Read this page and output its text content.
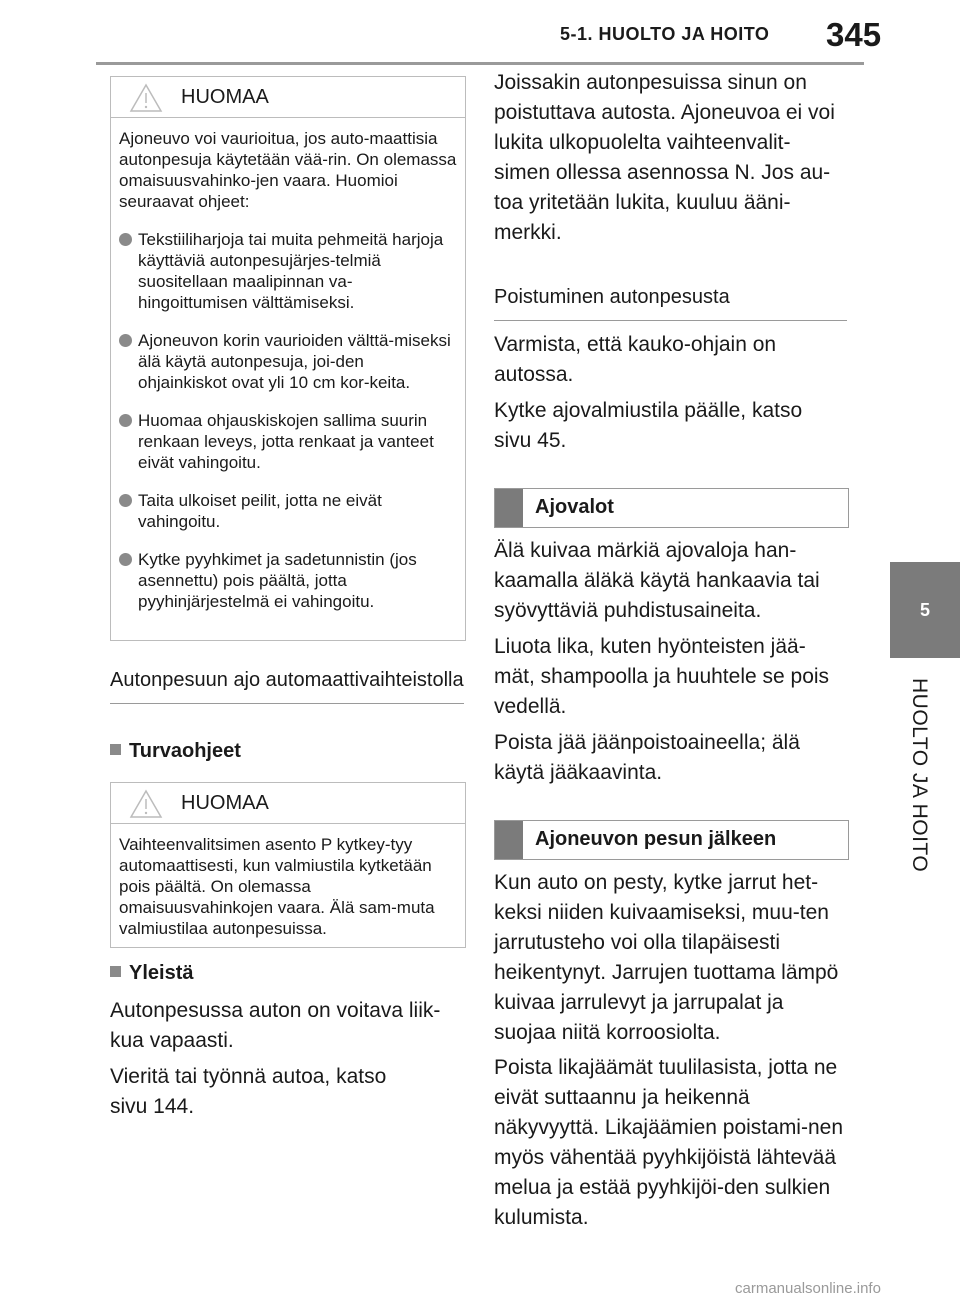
5-1. HUOLTO JA HOITO 345
5
HUOLTO JA HOITO
HUOMAA
Ajoneuvo voi vaurioitua, jos auto-maattisia autonpesuja käytetään vää-rin. On olemassa omaisuusvahinko-jen vaara. Huomioi seuraavat ohjeet:
Tekstiiliharjoja tai muita pehmeitä harjoja käyttäviä autonpesujärjes-telmiä suositellaan maalipinnan va-hingoittumisen välttämiseksi.
Ajoneuvon korin vaurioiden välttä-miseksi älä käytä autonpesuja, joi-den ohjainkiskot ovat yli 10 cm kor-keita.
Huomaa ohjauskiskojen sallima suurin renkaan leveys, jotta renkaat ja vanteet eivät vahingoitu.
Taita ulkoiset peilit, jotta ne eivät vahingoitu.
Kytke pyyhkimet ja sadetunnistin (jos asennettu) pois päältä, jotta pyyhinjärjestelmä ei vahingoitu.
Autonpesuun ajo automaattivaihteistolla
Turvaohjeet
HUOMAA
Vaihteenvalitsimen asento P kytkey-tyy automaattisesti, kun valmiustila kytketään pois päältä. On olemassa omaisuusvahinkojen vaara. Älä sam-muta valmiustilaa autonpesuissa.
Yleistä
Autonpesussa auton on voitava liik-kua vapaasti.
Vieritä tai työnnä autoa, katso sivu 144.
Joissakin autonpesuissa sinun on poistuttava autosta. Ajoneuvoa ei voi lukita ulkopuolelta vaihteenvalit-simen ollessa asennossa N. Jos au-toa yritetään lukita, kuuluu ääni-merkki.
Poistuminen autonpesusta
Varmista, että kauko-ohjain on autossa.
Kytke ajovalmiustila päälle, katso sivu 45.
Ajovalot
Älä kuivaa märkiä ajovaloja han-kaamalla äläkä käytä hankaavia tai syövyttäviä puhdistusaineita.
Liuota lika, kuten hyönteisten jää-mät, shampoolla ja huuhtele se pois vedellä.
Poista jää jäänpoistoaineella; älä käytä jääkaavinta.
Ajoneuvon pesun jälkeen
Kun auto on pesty, kytke jarrut het-keksi niiden kuivaamiseksi, muu-ten jarrutusteho voi olla tilapäisesti heikentynyt. Jarrujen tuottama lämpö kuivaa jarrulevyt ja jarrupalat ja suojaa niitä korroosiolta.
Poista likajäämät tuulilasista, jotta ne eivät suttaannu ja heikennä näkyvyyttä. Likajäämien poistami-nen myös vähentää pyyhkijöistä lähtevää melua ja estää pyyhkijöi-den sulkien kulumista.
carmanualsonline.info
